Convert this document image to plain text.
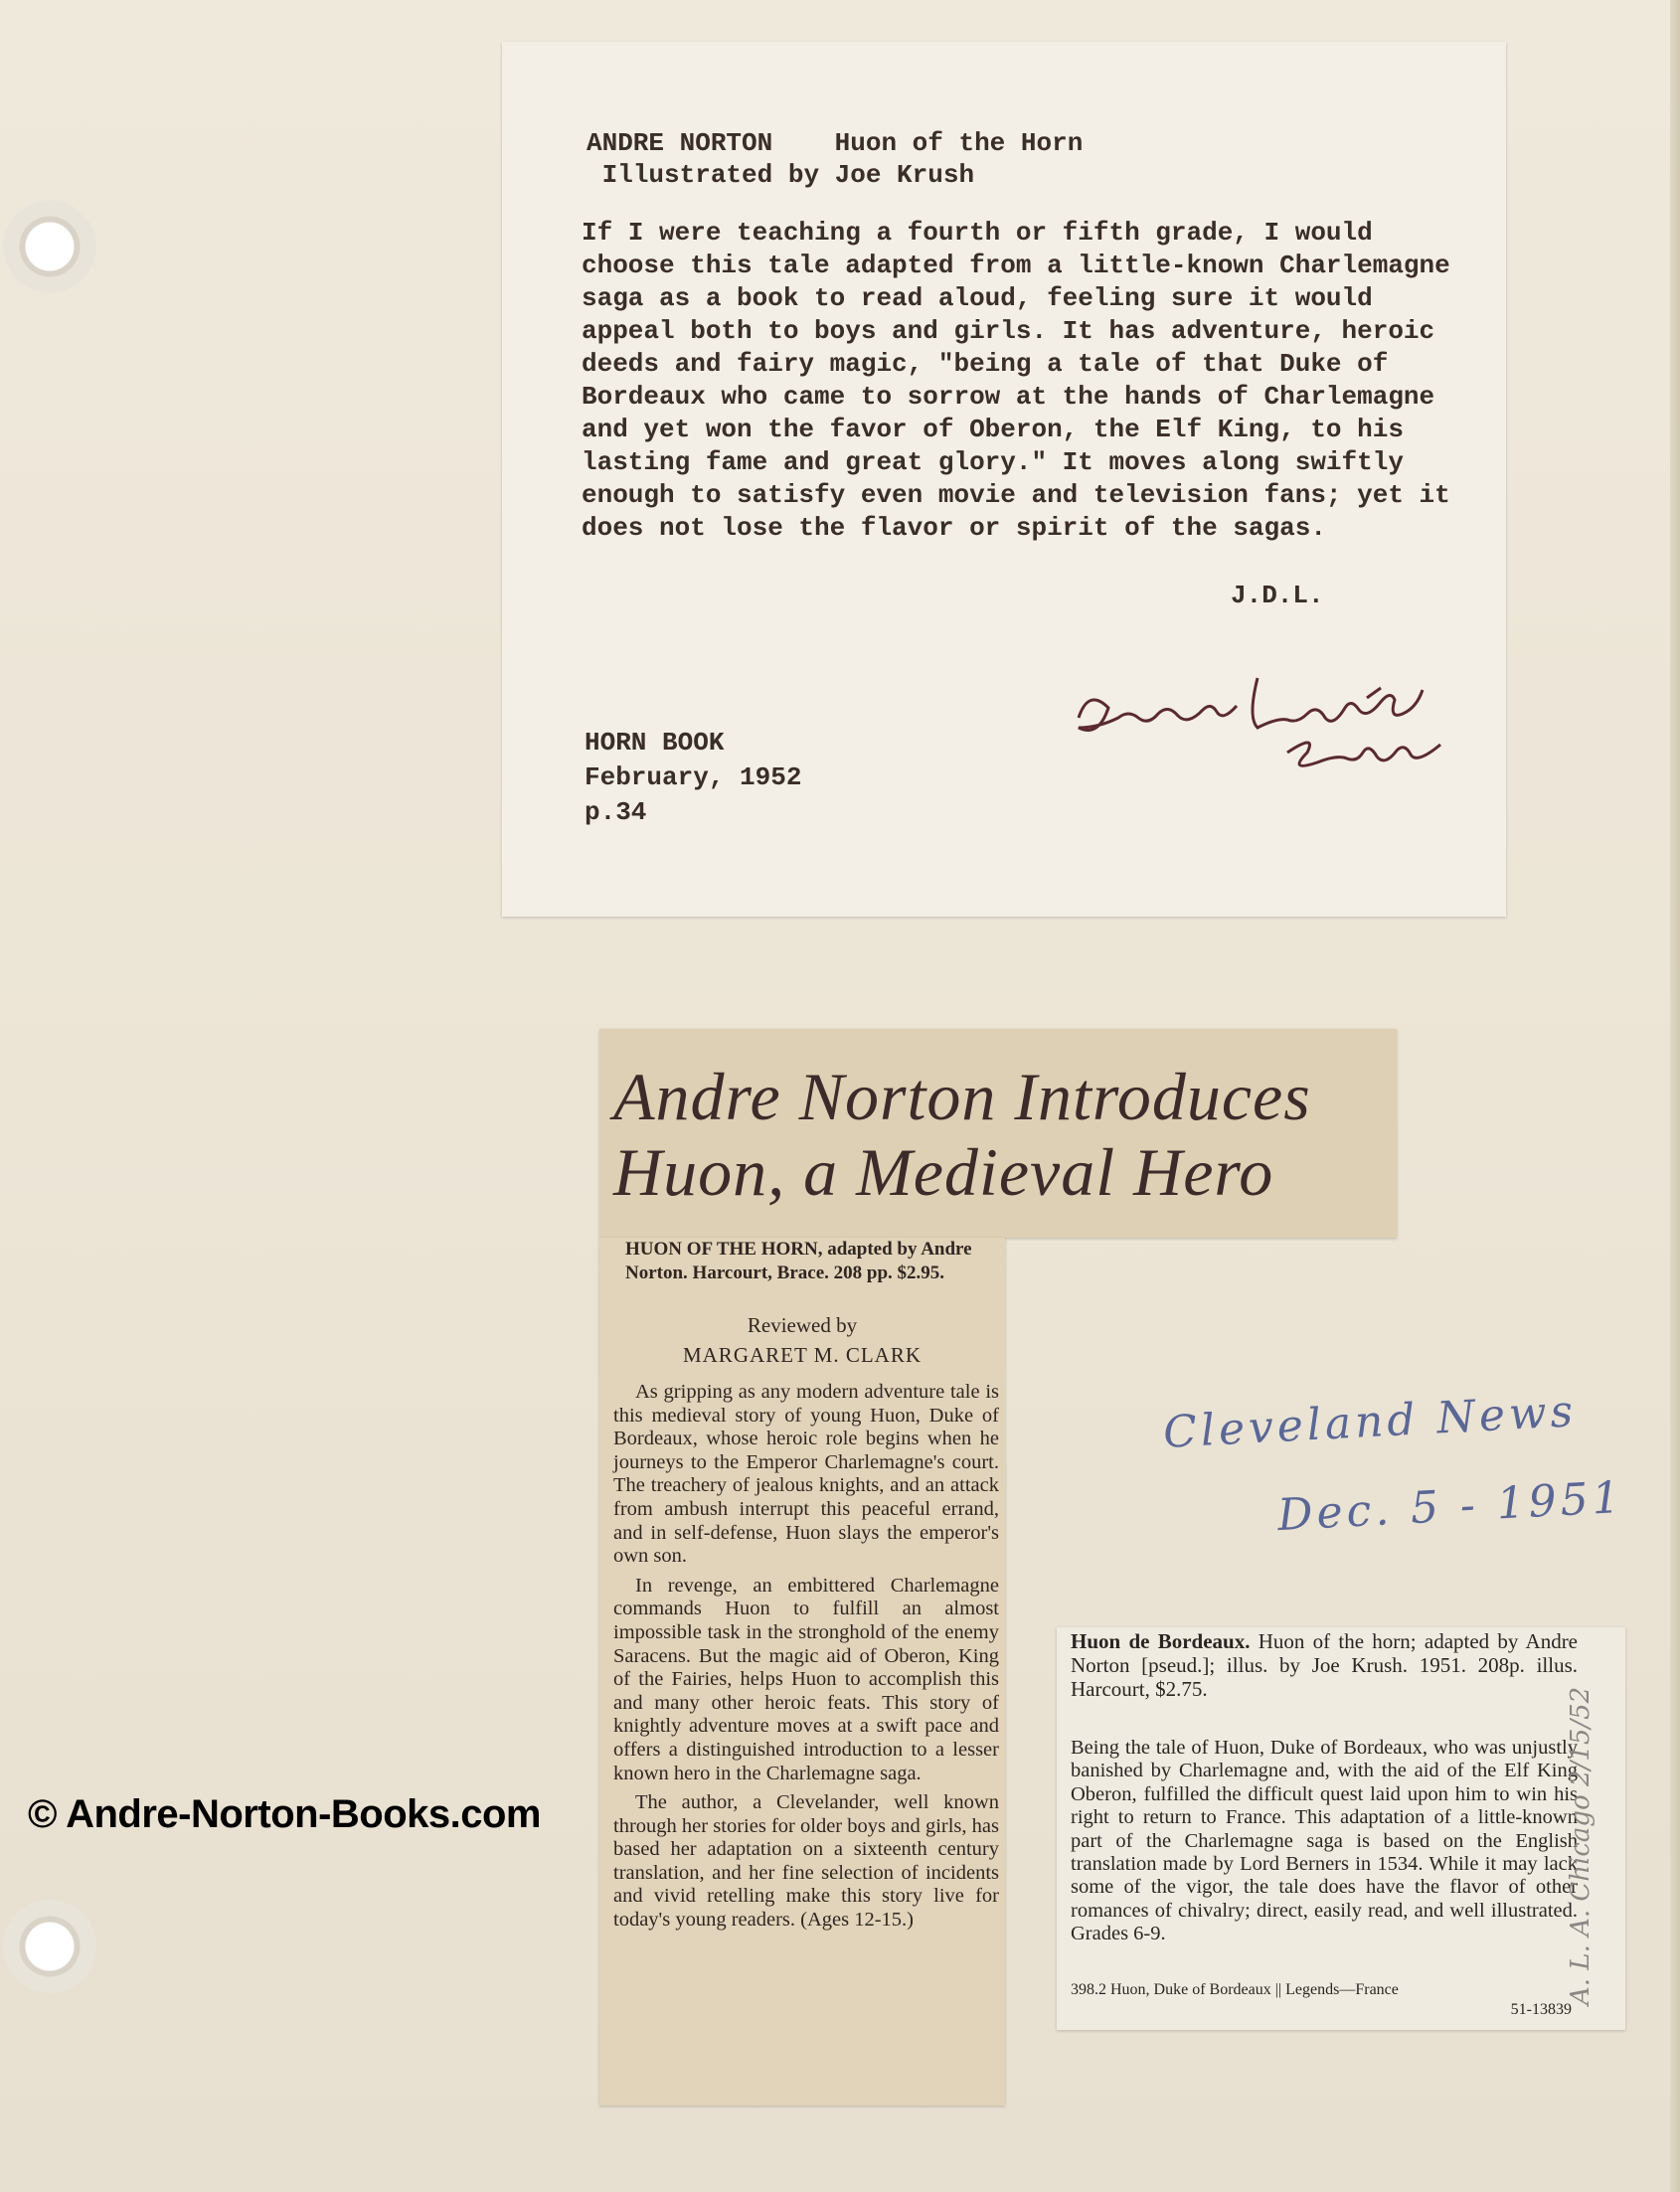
ANDRE NORTON Huon of the Horn
Illustrated by Joe Krush
If I were teaching a fourth or fifth grade, I would choose this tale adapted from a little-known Charlemagne saga as a book to read aloud, feeling sure it would appeal both to boys and girls. It has adventure, heroic deeds and fairy magic, "being a tale of that Duke of Bordeaux who came to sorrow at the hands of Charlemagne and yet won the favor of Oberon, the Elf King, to his lasting fame and great glory." It moves along swiftly enough to satisfy even movie and television fans; yet it does not lose the flavor or spirit of the sagas.
J.D.L.
HORN BOOK
February, 1952
p.34
Andre Norton Introduces
Huon, a Medieval Hero
HUON OF THE HORN, adapted by Andre Norton. Harcourt, Brace. 208 pp. $2.95.
Reviewed by
MARGARET M. CLARK

As gripping as any modern adventure tale is this medieval story of young Huon, Duke of Bordeaux, whose heroic role begins when he journeys to the Emperor Charlemagne's court. The treachery of jealous knights, and an attack from ambush interrupt this peaceful errand, and in self-defense, Huon slays the emperor's own son.

In revenge, an embittered Charlemagne commands Huon to fulfill an almost impossible task in the stronghold of the enemy Saracens. But the magic aid of Oberon, King of the Fairies, helps Huon to accomplish this and many other heroic feats. This story of knightly adventure moves at a swift pace and offers a distinguished introduction to a lesser known hero in the Charlemagne saga.

The author, a Clevelander, well known through her stories for older boys and girls, has based her adaptation on a sixteenth century translation, and her fine selection of incidents and vivid retelling make this story live for today's young readers. (Ages 12-15.)

Cleveland News
Dec. 5 - 1951
Huon de Bordeaux. Huon of the horn; adapted by Andre Norton [pseud.]; illus. by Joe Krush. 1951. 208p. illus. Harcourt, $2.75.
Being the tale of Huon, Duke of Bordeaux, who was unjustly banished by Charlemagne and, with the aid of the Elf King Oberon, fulfilled the difficult quest laid upon him to win his right to return to France. This adaptation of a little-known part of the Charlemagne saga is based on the English translation made by Lord Berners in 1534. While it may lack some of the vigor, the tale does have the flavor of other romances of chivalry; direct, easily read, and well illustrated. Grades 6-9.
398.2 Huon, Duke of Bordeaux || Legends—France
51-13839
A. L. A. Chicago 2/15/52
© Andre-Norton-Books.com
